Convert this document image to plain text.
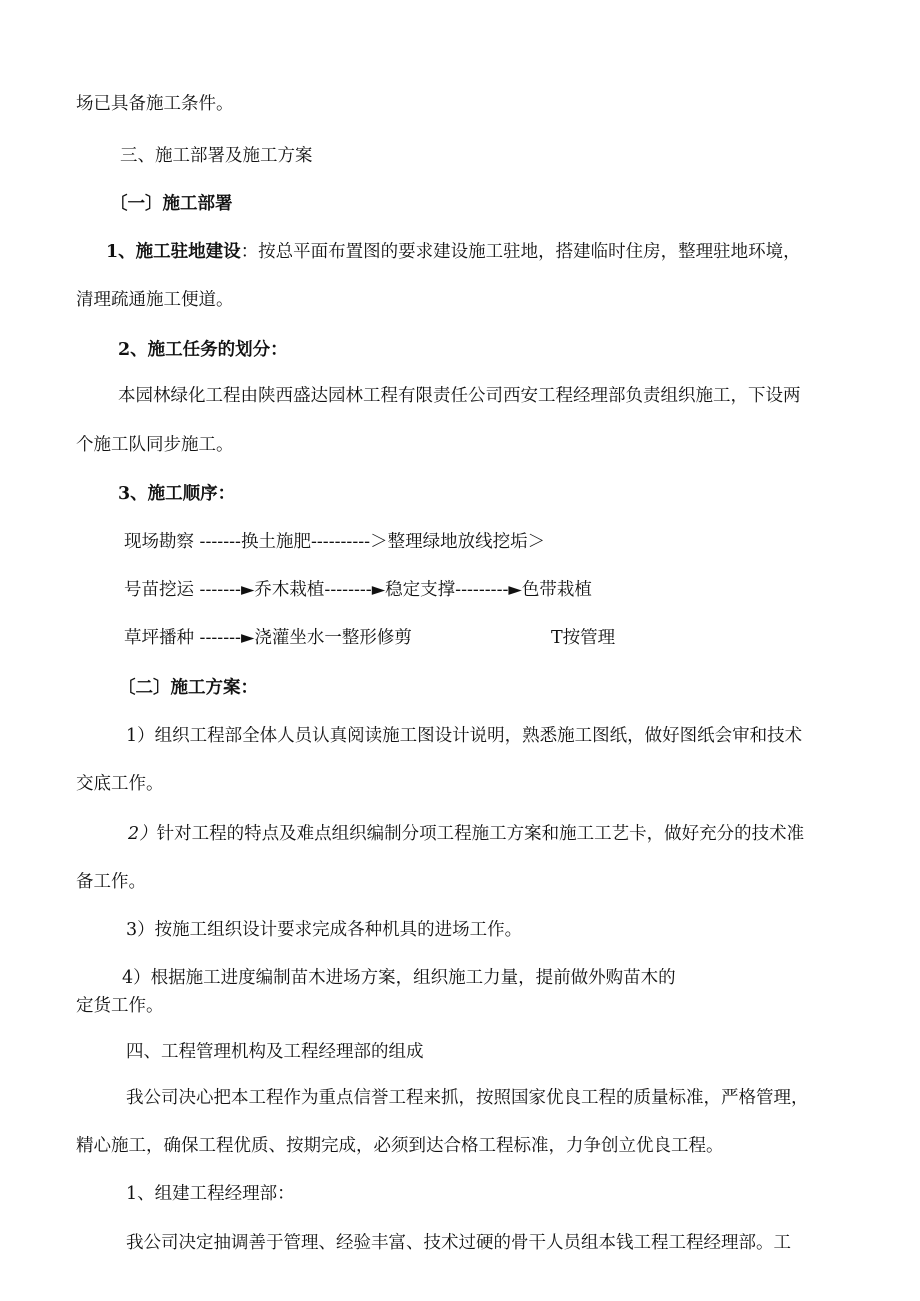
场已具备施工条件。
三、施工部署及施工方案
〔一〕施工部署
1、施工驻地建设：按总平面布置图的要求建设施工驻地，搭建临时住房，整理驻地环境，
清理疏通施工便道。
2、施工任务的划分：
本园林绿化工程由陕西盛达园林工程有限责任公司西安工程经理部负责组织施工，下设两
个施工队同步施工。
3、施工顺序：
现场勘察 -------换土施肥----------＞整理绿地放线挖垢＞
号苗挖运 -------►乔木栽植--------►稳定支撑---------►色带栽植
草坪播种 -------►浇灌坐水一整形修剪	T按管理
〔二〕施工方案：
1）组织工程部全体人员认真阅读施工图设计说明，熟悉施工图纸，做好图纸会审和技术
交底工作。
2）针对工程的特点及难点组织编制分项工程施工方案和施工工艺卡，做好充分的技术准
备工作。
3）按施工组织设计要求完成各种机具的进场工作。
4）根据施工进度编制苗木进场方案，组织施工力量，提前做外购苗木的
定货工作。
四、工程管理机构及工程经理部的组成
我公司决心把本工程作为重点信誉工程来抓，按照国家优良工程的质量标准，严格管理，
精心施工，确保工程优质、按期完成，必须到达合格工程标准，力争创立优良工程。
1、组建工程经理部：
我公司决定抽调善于管理、经验丰富、技术过硬的骨干人员组本钱工程工程经理部。工
